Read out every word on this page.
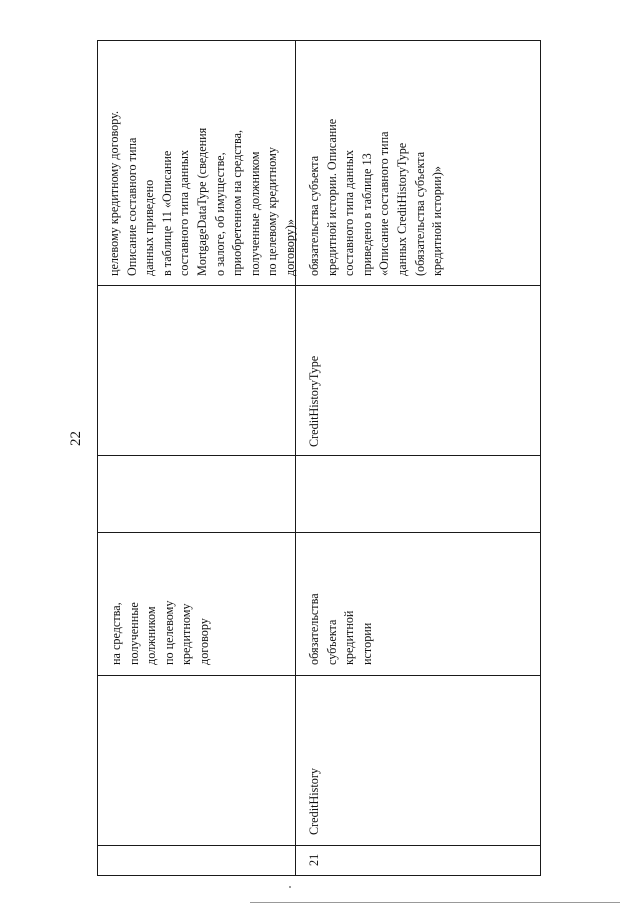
22
на средства, полученные должником по целевому кредитному договору
целевому кредитному договору. Описание составного типа данных приведено в таблице 11 «Описание составного типа данных MortgageDataType (сведения о залоге, об имуществе, приобретенном на средства, полученные должником по целевому кредитному договору)»
21
CreditHistory
обязательства субъекта кредитной истории
CreditHistoryType
обязательства субъекта кредитной истории. Описание составного типа данных приведено в таблице 13 «Описание составного типа данных CreditHistoryType (обязательства субъекта кредитной истории)»
